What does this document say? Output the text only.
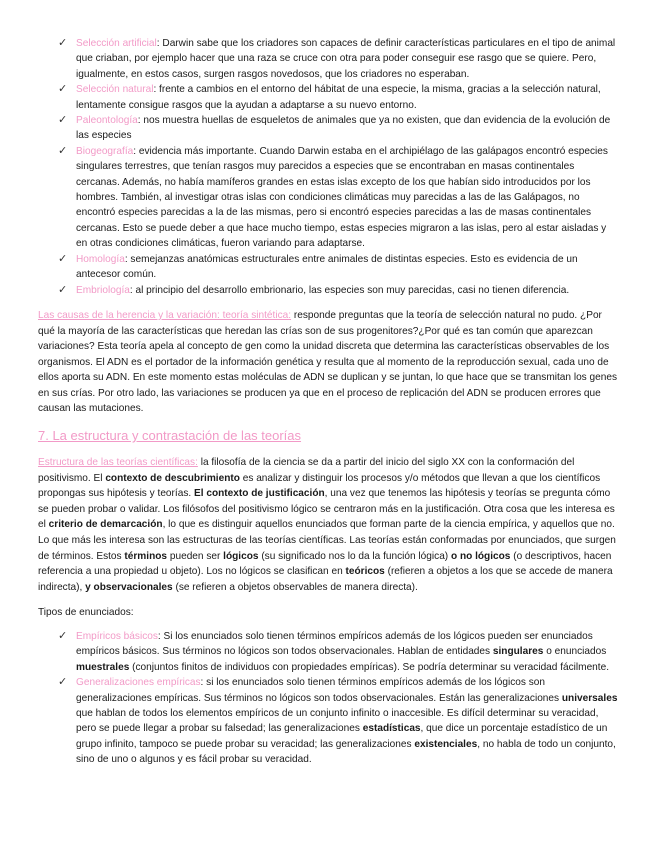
✓ Selección artificial: Darwin sabe que los criadores son capaces de definir características particulares en el tipo de animal que criaban, por ejemplo hacer que una raza se cruce con otra para poder conseguir ese rasgo que se quiere. Pero, igualmente, en estos casos, surgen rasgos novedosos, que los criadores no esperaban.
✓ Selección natural: frente a cambios en el entorno del hábitat de una especie, la misma, gracias a la selección natural, lentamente consigue rasgos que la ayudan a adaptarse a su nuevo entorno.
✓ Paleontología: nos muestra huellas de esqueletos de animales que ya no existen, que dan evidencia de la evolución de las especies
✓ Biogeografía: evidencia más importante. Cuando Darwin estaba en el archipiélago de las galápagos encontró especies singulares terrestres, que tenían rasgos muy parecidos a especies que se encontraban en masas continentales cercanas. Además, no había mamíferos grandes en estas islas excepto de los que habían sido introducidos por los hombres. También, al investigar otras islas con condiciones climáticas muy parecidas a las de las Galápagos, no encontró especies parecidas a la de las mismas, pero si encontró especies parecidas a las de masas continentales cercanas. Esto se puede deber a que hace mucho tiempo, estas especies migraron a las islas, pero al estar aisladas y en otras condiciones climáticas, fueron variando para adaptarse.
✓ Homología: semejanzas anatómicas estructurales entre animales de distintas especies. Esto es evidencia de un antecesor común.
✓ Embriología: al principio del desarrollo embrionario, las especies son muy parecidas, casi no tienen diferencia.

Las causas de la herencia y la variación: teoría sintética: responde preguntas que la teoría de selección natural no pudo. ¿Por qué la mayoría de las características que heredan las crías son de sus progenitores?¿Por qué es tan común que aparezcan variaciones? Esta teoría apela al concepto de gen como la unidad discreta que determina las características observables de los organismos. El ADN es el portador de la información genética y resulta que al momento de la reproducción sexual, cada uno de ellos aporta su ADN. En este momento estas moléculas de ADN se duplican y se juntan, lo que hace que se transmitan los genes en sus crías. Por otro lado, las variaciones se producen ya que en el proceso de replicación del ADN se producen errores que causan las mutaciones.

7. La estructura y contrastación de las teorías

Estructura de las teorías científicas: la filosofía de la ciencia se da a partir del inicio del siglo XX con la conformación del positivismo. El contexto de descubrimiento es analizar y distinguir los procesos y/o métodos que llevan a que los científicos propongas sus hipótesis y teorías. El contexto de justificación, una vez que tenemos las hipótesis y teorías se pregunta cómo se pueden probar o validar. Los filósofos del positivismo lógico se centraron más en la justificación. Otra cosa que les interesa es el criterio de demarcación, lo que es distinguir aquellos enunciados que forman parte de la ciencia empírica, y aquellos que no. Lo que más les interesa son las estructuras de las teorías científicas. Las teorías están conformadas por enunciados, que surgen de términos. Estos términos pueden ser lógicos (su significado nos lo da la función lógica) o no lógicos (o descriptivos, hacen referencia a una propiedad u objeto). Los no lógicos se clasifican en teóricos (refieren a objetos a los que se accede de manera indirecta), y observacionales (se refieren a objetos observables de manera directa).

Tipos de enunciados:

✓ Empíricos básicos: Si los enunciados solo tienen términos empíricos además de los lógicos pueden ser enunciados empíricos básicos. Sus términos no lógicos son todos observacionales. Hablan de entidades singulares o enunciados muestrales (conjuntos finitos de individuos con propiedades empíricas). Se podría determinar su veracidad fácilmente.
✓ Generalizaciones empíricas: si los enunciados solo tienen términos empíricos además de los lógicos son generalizaciones empíricas. Sus términos no lógicos son todos observacionales. Están las generalizaciones universales que hablan de todos los elementos empíricos de un conjunto infinito o inaccesible. Es difícil determinar su veracidad, pero se puede llegar a probar su falsedad; las generalizaciones estadísticas, que dice un porcentaje estadístico de un grupo infinito, tampoco se puede probar su veracidad; las generalizaciones existenciales, no habla de todo un conjunto, sino de uno o algunos y es fácil probar su veracidad.
